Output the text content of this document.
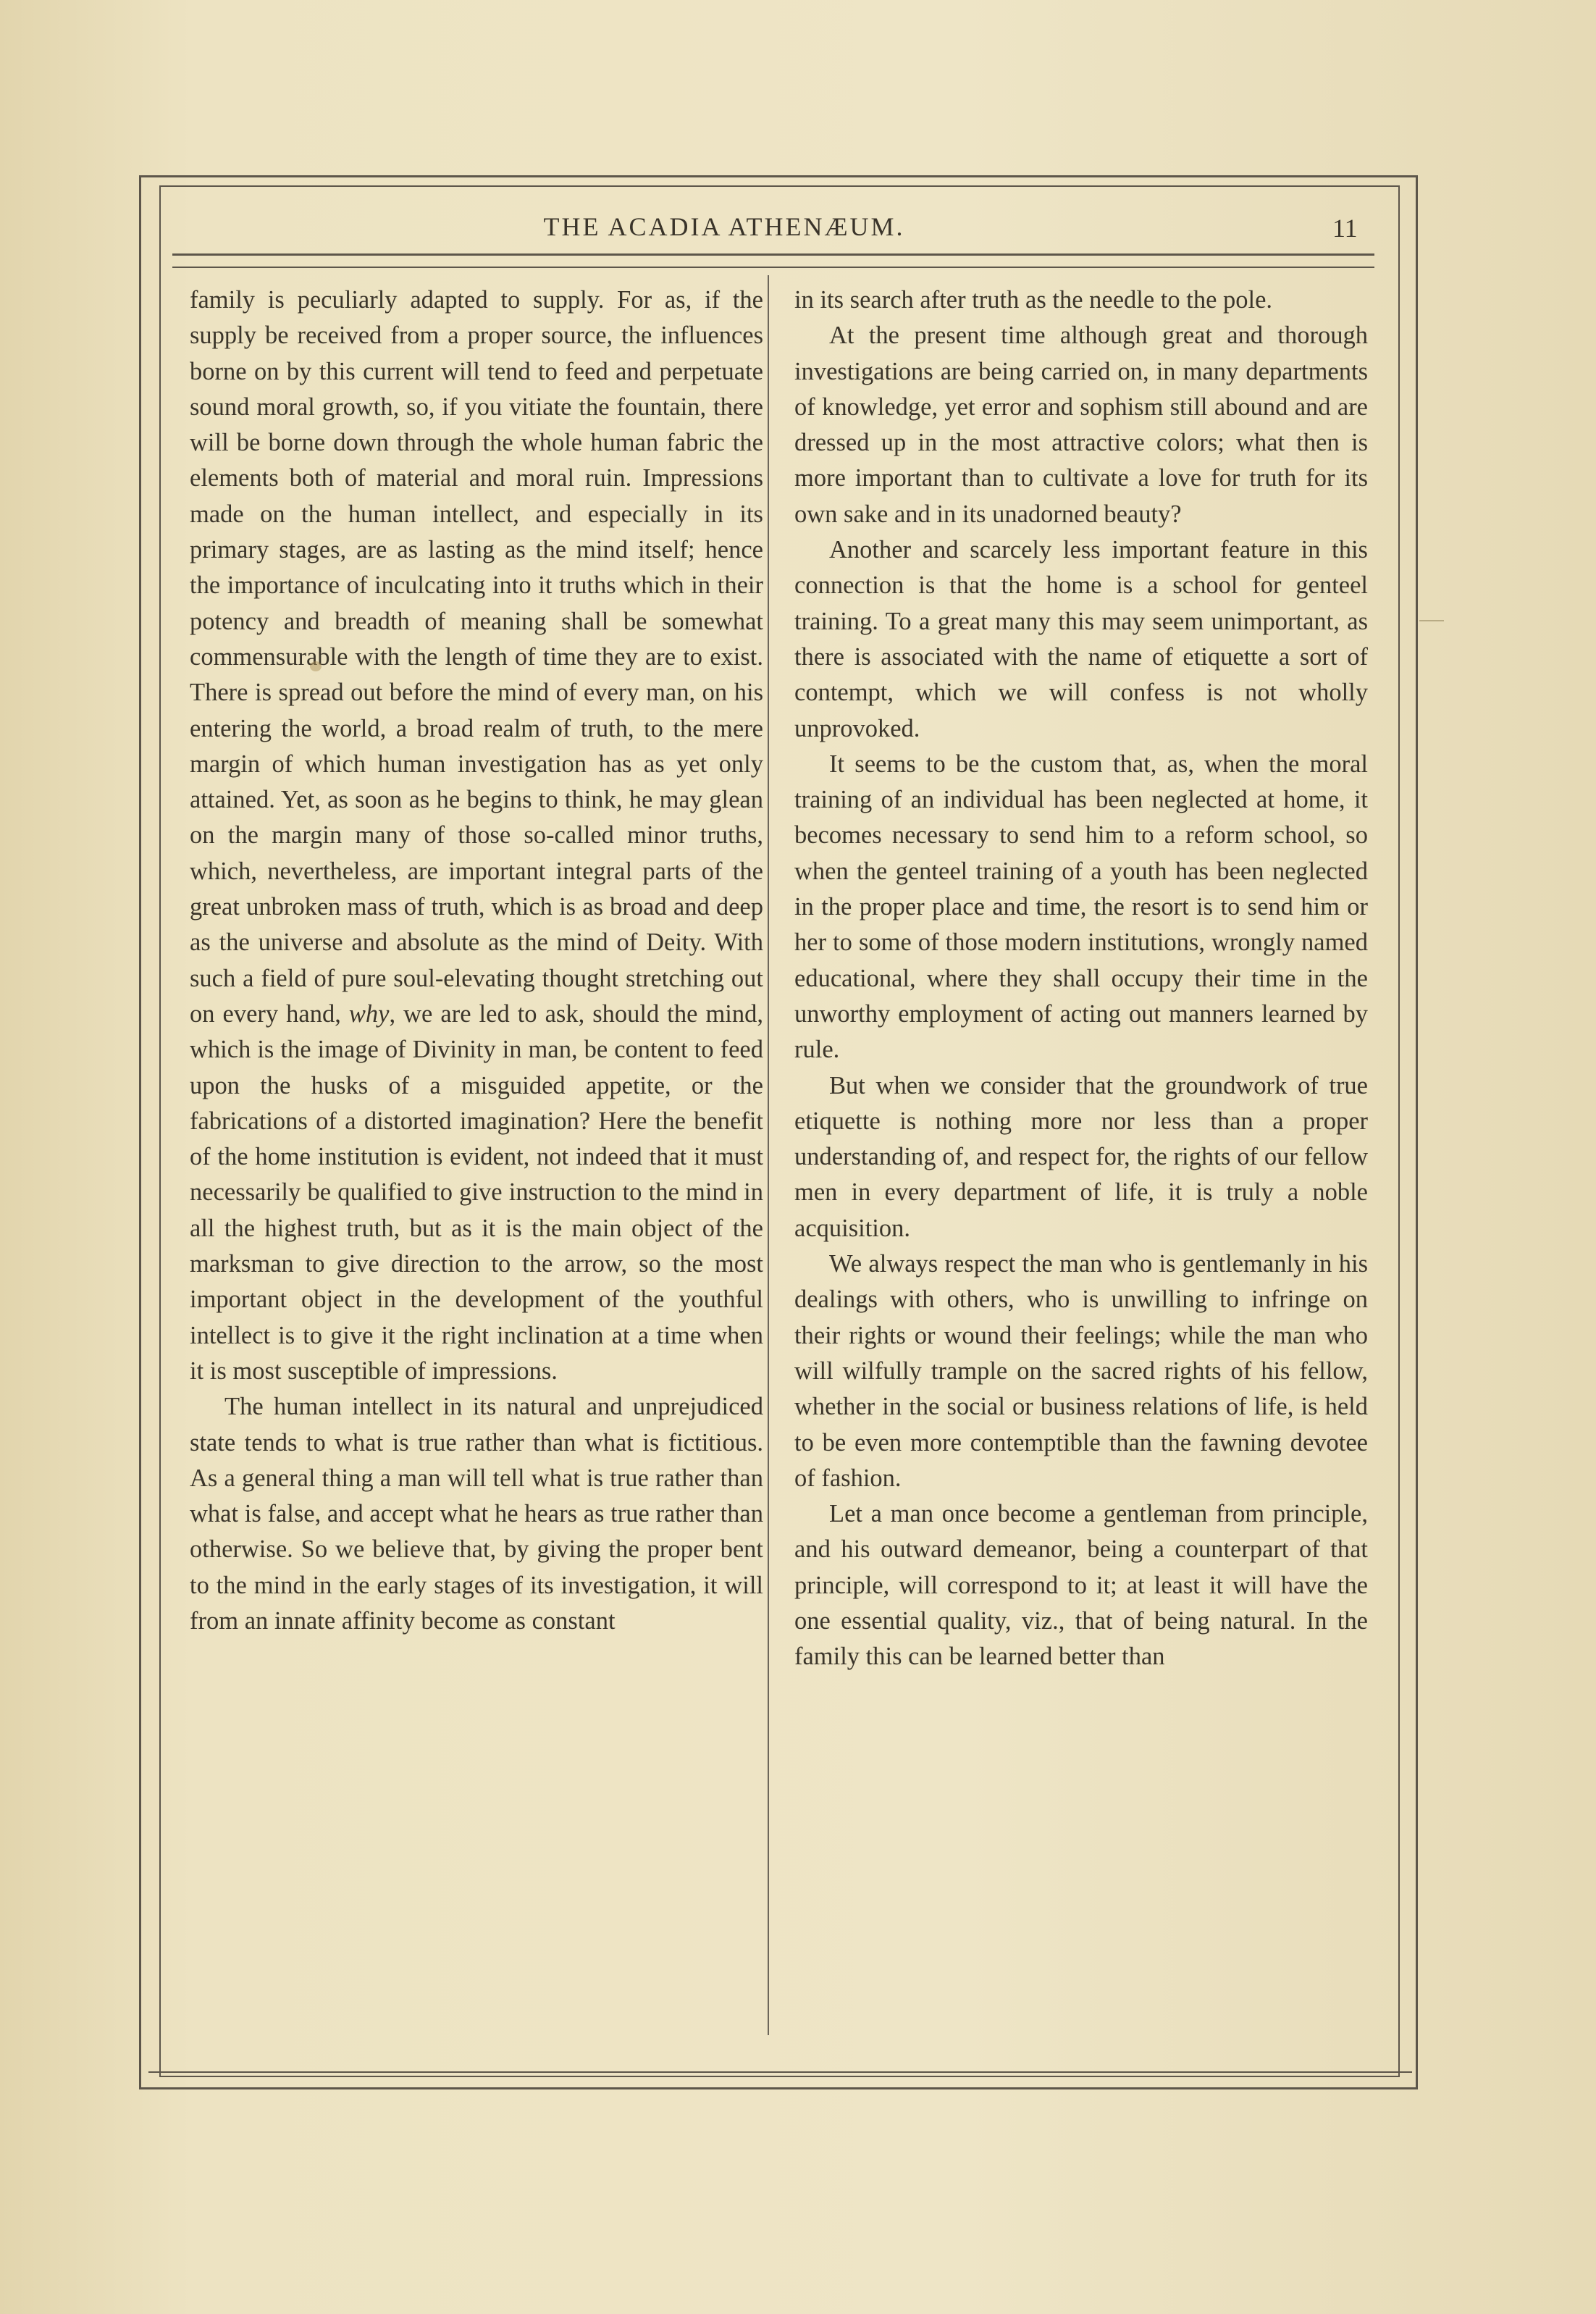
THE ACADIA ATHENÆUM.	11

family is peculiarly adapted to supply. For as, if the supply be received from a proper source, the influences borne on by this current will tend to feed and perpetuate sound moral growth, so, if you vitiate the fountain, there will be borne down through the whole human fabric the elements both of material and moral ruin. Impressions made on the human intellect, and especially in its primary stages, are as lasting as the mind itself; hence the importance of inculcating into it truths which in their potency and breadth of meaning shall be somewhat commensurable with the length of time they are to exist. There is spread out before the mind of every man, on his entering the world, a broad realm of truth, to the mere margin of which human investigation has as yet only attained. Yet, as soon as he begins to think, he may glean on the margin many of those so-called minor truths, which, nevertheless, are important integral parts of the great unbroken mass of truth, which is as broad and deep as the universe and absolute as the mind of Deity. With such a field of pure soul-elevating thought stretching out on every hand, why, we are led to ask, should the mind, which is the image of Divinity in man, be content to feed upon the husks of a misguided appetite, or the fabrications of a distorted imagination? Here the benefit of the home institution is evident, not indeed that it must necessarily be qualified to give instruction to the mind in all the highest truth, but as it is the main object of the marksman to give direction to the arrow, so the most important object in the development of the youthful intellect is to give it the right inclination at a time when it is most susceptible of impressions.

The human intellect in its natural and unprejudiced state tends to what is true rather than what is fictitious. As a general thing a man will tell what is true rather than what is false, and accept what he hears as true rather than otherwise. So we believe that, by giving the proper bent to the mind in the early stages of its investigation, it will from an innate affinity become as constant

in its search after truth as the needle to the pole.

At the present time although great and thorough investigations are being carried on, in many departments of knowledge, yet error and sophism still abound and are dressed up in the most attractive colors; what then is more important than to cultivate a love for truth for its own sake and in its unadorned beauty?

Another and scarcely less important feature in this connection is that the home is a school for genteel training. To a great many this may seem unimportant, as there is associated with the name of etiquette a sort of contempt, which we will confess is not wholly unprovoked.

It seems to be the custom that, as, when the moral training of an individual has been neglected at home, it becomes necessary to send him to a reform school, so when the genteel training of a youth has been neglected in the proper place and time, the resort is to send him or her to some of those modern institutions, wrongly named educational, where they shall occupy their time in the unworthy employment of acting out manners learned by rule.

But when we consider that the groundwork of true etiquette is nothing more nor less than a proper understanding of, and respect for, the rights of our fellow men in every department of life, it is truly a noble acquisition.

We always respect the man who is gentlemanly in his dealings with others, who is unwilling to infringe on their rights or wound their feelings; while the man who will wilfully trample on the sacred rights of his fellow, whether in the social or business relations of life, is held to be even more contemptible than the fawning devotee of fashion.

Let a man once become a gentleman from principle, and his outward demeanor, being a counterpart of that principle, will correspond to it; at least it will have the one essential quality, viz., that of being natural. In the family this can be learned better than
